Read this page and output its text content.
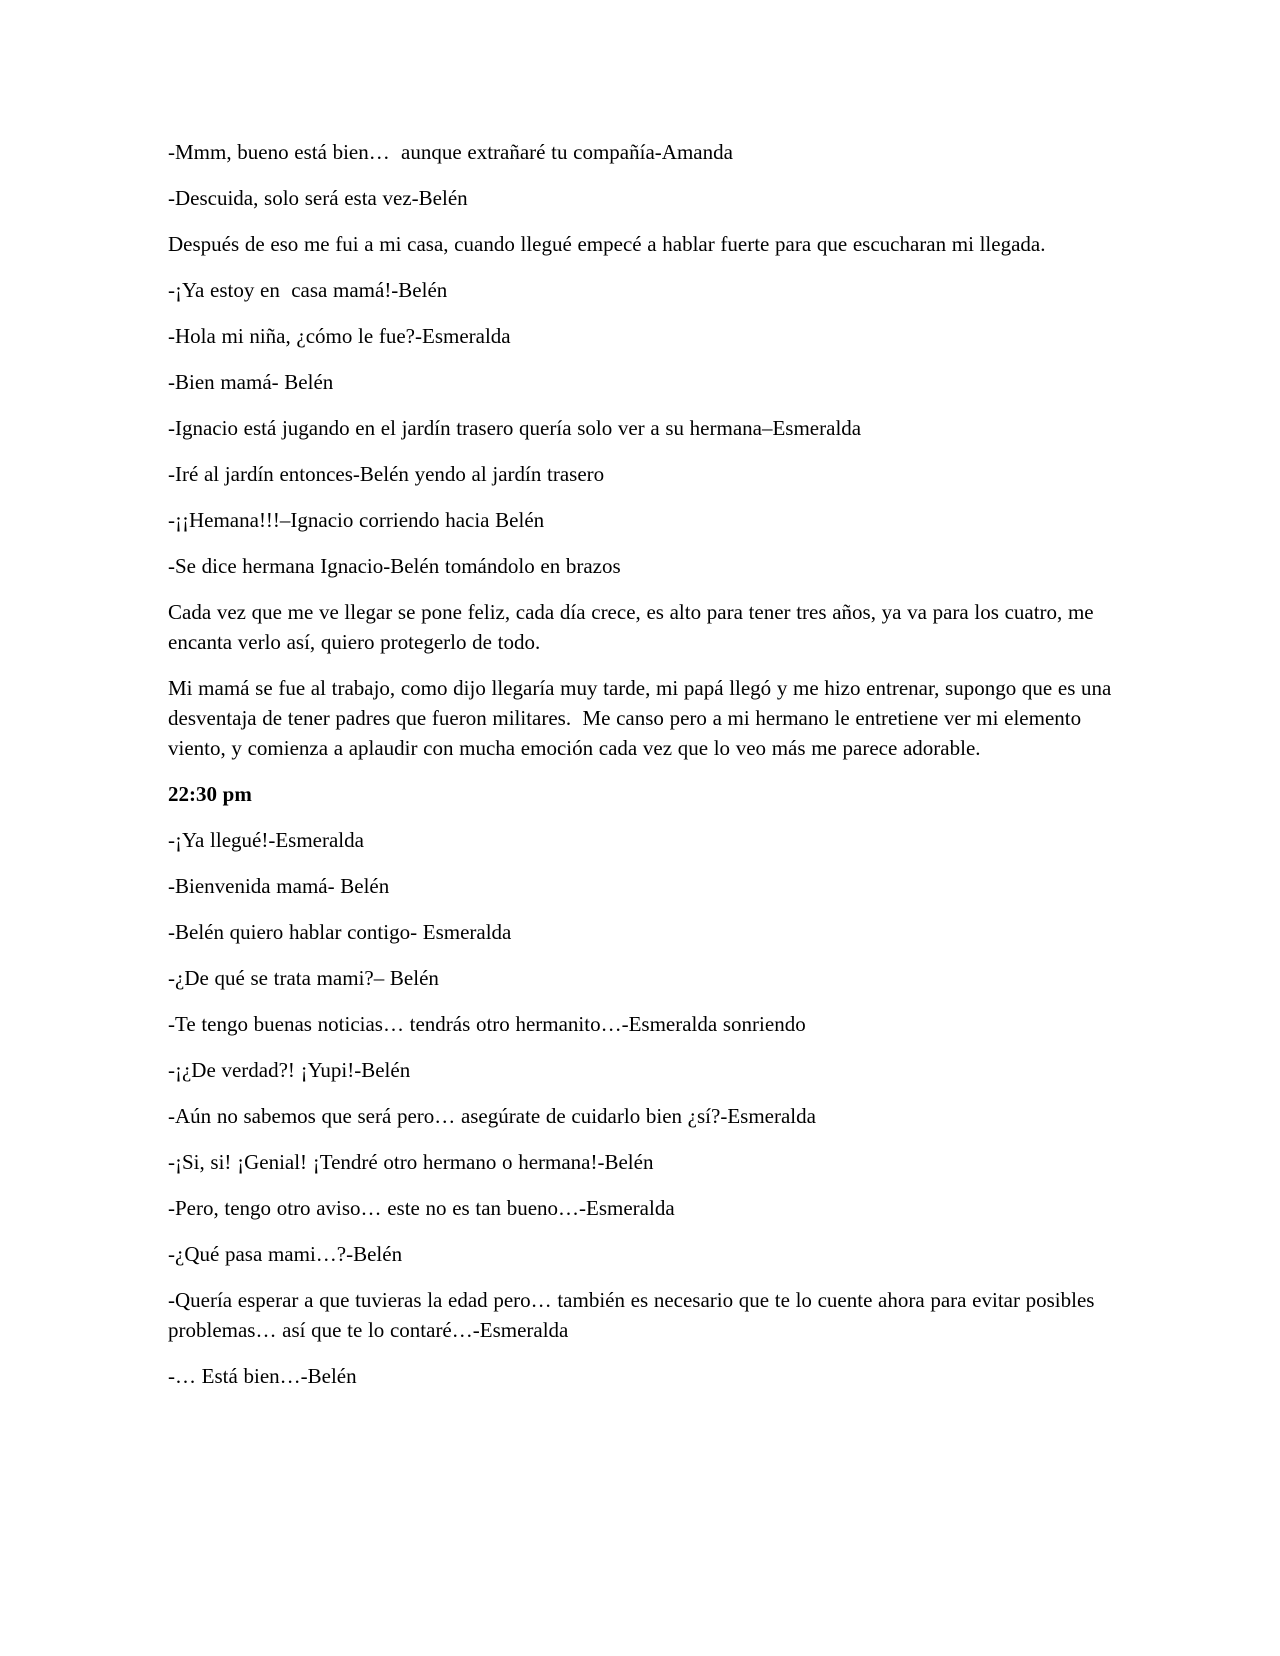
-Mmm, bueno está bien…  aunque extrañaré tu compañía-Amanda

-Descuida, solo será esta vez-Belén

Después de eso me fui a mi casa, cuando llegué empecé a hablar fuerte para que escucharan mi llegada.

-¡Ya estoy en  casa mamá!-Belén

-Hola mi niña, ¿cómo le fue?-Esmeralda

-Bien mamá- Belén

-Ignacio está jugando en el jardín trasero quería solo ver a su hermana–Esmeralda

-Iré al jardín entonces-Belén yendo al jardín trasero

-¡¡Hemana!!!–Ignacio corriendo hacia Belén

-Se dice hermana Ignacio-Belén tomándolo en brazos

Cada vez que me ve llegar se pone feliz, cada día crece, es alto para tener tres años, ya va para los cuatro, me encanta verlo así, quiero protegerlo de todo.

Mi mamá se fue al trabajo, como dijo llegaría muy tarde, mi papá llegó y me hizo entrenar, supongo que es una desventaja de tener padres que fueron militares.  Me canso pero a mi hermano le entretiene ver mi elemento viento, y comienza a aplaudir con mucha emoción cada vez que lo veo más me parece adorable.

22:30 pm

-¡Ya llegué!-Esmeralda

-Bienvenida mamá- Belén

-Belén quiero hablar contigo- Esmeralda

-¿De qué se trata mami?– Belén

-Te tengo buenas noticias… tendrás otro hermanito…-Esmeralda sonriendo

-¡¿De verdad?! ¡Yupi!-Belén

-Aún no sabemos que será pero… asegúrate de cuidarlo bien ¿sí?-Esmeralda

-¡Si, si! ¡Genial! ¡Tendré otro hermano o hermana!-Belén

-Pero, tengo otro aviso… este no es tan bueno…-Esmeralda

-¿Qué pasa mami…?-Belén

-Quería esperar a que tuvieras la edad pero… también es necesario que te lo cuente ahora para evitar posibles problemas… así que te lo contaré…-Esmeralda

-… Está bien…-Belén
